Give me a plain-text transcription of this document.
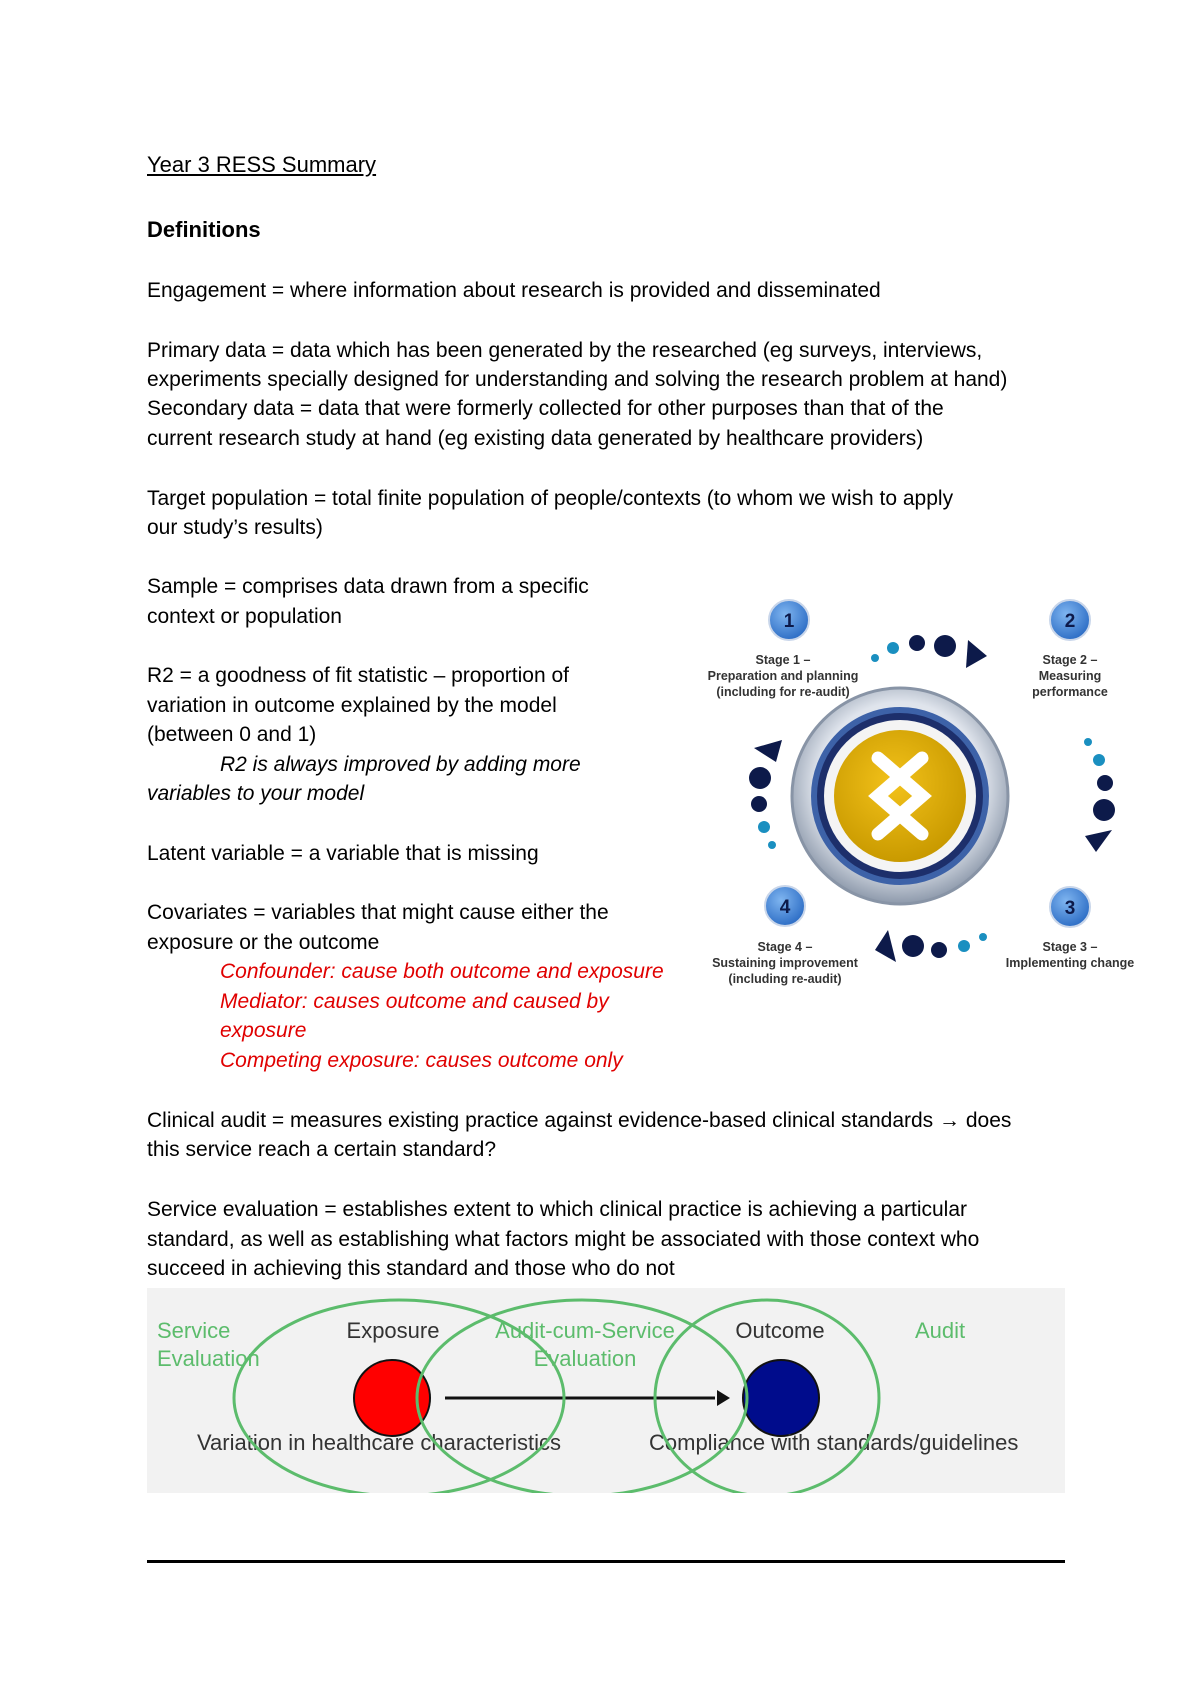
Year 3 RESS Summary
Definitions
Engagement = where information about research is provided and disseminated
Primary data = data which has been generated by the researched (eg surveys, interviews,
experiments specially designed for understanding and solving the research problem at hand)
Secondary data = data that were formerly collected for other purposes than that of the
current research study at hand (eg existing data generated by healthcare providers)
Target population = total finite population of people/contexts (to whom we wish to apply
our study’s results)
Sample = comprises data drawn from a specific
context or population
R2 = a goodness of fit statistic – proportion of
variation in outcome explained by the model
(between 0 and 1)
R2 is always improved by adding more
variables to your model
Latent variable = a variable that is missing
Covariates = variables that might cause either the
exposure or the outcome
Confounder: cause both outcome and exposure
Mediator: causes outcome and caused by
exposure
Competing exposure: causes outcome only
Clinical audit = measures existing practice against evidence-based clinical standards → does
this service reach a certain standard?
Service evaluation = establishes extent to which clinical practice is achieving a particular
standard, as well as establishing what factors might be associated with those context who
succeed in achieving this standard and those who do not
1
Stage 1 –
Preparation and planning
(including for re-audit)
2
Stage 2 –
Measuring
performance
3
Stage 3 –
Implementing change
4
Stage 4 –
Sustaining improvement
(including re-audit)
Service
Evaluation
Exposure	Audit-cum-Service
Evaluation
Outcome	Audit
Variation in healthcare characteristics	Compliance with standards/guidelines
